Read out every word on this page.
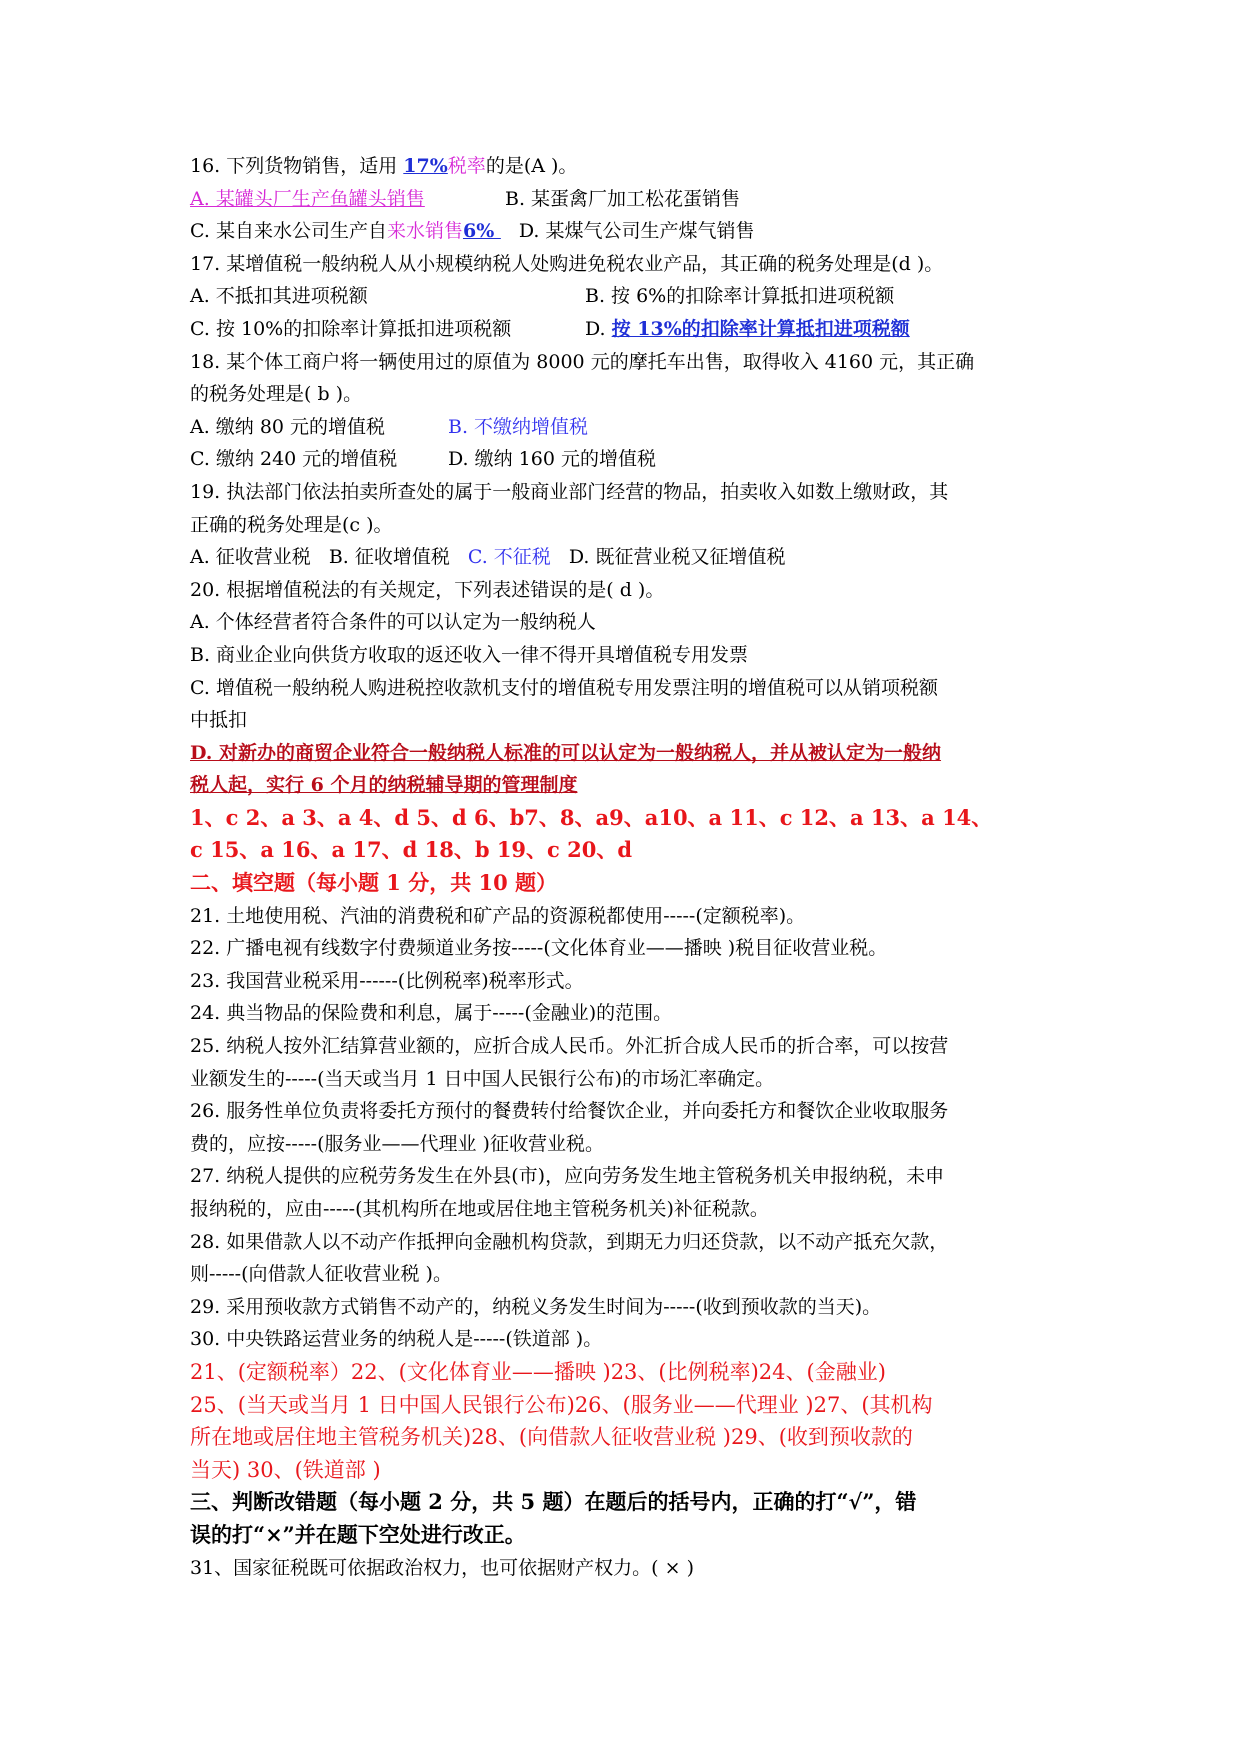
16. 下列货物销售，适用 17%税率的是(A )。
A. 某罐头厂生产鱼罐头销售	B. 某蛋禽厂加工松花蛋销售
C. 某自来水公司生产自来水销售6% D. 某煤气公司生产煤气销售
17. 某增值税一般纳税人从小规模纳税人处购进免税农业产品，其正确的税务处理是(d )。
A. 不抵扣其进项税额	B. 按 6%的扣除率计算抵扣进项税额
C. 按 10%的扣除率计算抵扣进项税额	D. 按 13%的扣除率计算抵扣进项税额
18. 某个体工商户将一辆使用过的原值为 8000 元的摩托车出售，取得收入 4160 元，其正确
的税务处理是( b )。
A. 缴纳 80 元的增值税	B. 不缴纳增值税
C. 缴纳 240 元的增值税	D. 缴纳 160 元的增值税
19. 执法部门依法拍卖所查处的属于一般商业部门经营的物品，拍卖收入如数上缴财政，其
正确的税务处理是(c )。
A. 征收营业税 B. 征收增值税 C. 不征税 D. 既征营业税又征增值税
20. 根据增值税法的有关规定，下列表述错误的是( d )。
A. 个体经营者符合条件的可以认定为一般纳税人
B. 商业企业向供货方收取的返还收入一律不得开具增值税专用发票
C. 增值税一般纳税人购进税控收款机支付的增值税专用发票注明的增值税可以从销项税额
中抵扣
D. 对新办的商贸企业符合一般纳税人标准的可以认定为一般纳税人，并从被认定为一般纳
税人起，实行 6 个月的纳税辅导期的管理制度
1、c 2、a 3、a 4、d 5、d 6、b7、8、a9、a10、a 11、c 12、a 13、a 14、
c 15、a 16、a 17、d 18、b 19、c 20、d
二、填空题（每小题 1 分，共 10 题）
21. 土地使用税、汽油的消费税和矿产品的资源税都使用-----(定额税率)。
22. 广播电视有线数字付费频道业务按-----(文化体育业——播映 )税目征收营业税。
23. 我国营业税采用------(比例税率)税率形式。
24. 典当物品的保险费和利息，属于-----(金融业)的范围。
25. 纳税人按外汇结算营业额的，应折合成人民币。外汇折合成人民币的折合率，可以按营
业额发生的-----(当天或当月 1 日中国人民银行公布)的市场汇率确定。
26. 服务性单位负责将委托方预付的餐费转付给餐饮企业，并向委托方和餐饮企业收取服务
费的，应按-----(服务业——代理业 )征收营业税。
27. 纳税人提供的应税劳务发生在外县(市)，应向劳务发生地主管税务机关申报纳税，未申
报纳税的，应由-----(其机构所在地或居住地主管税务机关)补征税款。
28. 如果借款人以不动产作抵押向金融机构贷款，到期无力归还贷款，以不动产抵充欠款，
则-----(向借款人征收营业税 )。
29. 采用预收款方式销售不动产的，纳税义务发生时间为-----(收到预收款的当天)。
30. 中央铁路运营业务的纳税人是-----(铁道部 )。
21、(定额税率）22、(文化体育业——播映 )23、(比例税率)24、(金融业)
25、(当天或当月 1 日中国人民银行公布)26、(服务业——代理业 )27、(其机构
所在地或居住地主管税务机关)28、(向借款人征收营业税 )29、(收到预收款的
当天) 30、(铁道部 )
三、判断改错题（每小题 2 分，共 5 题）在题后的括号内，正确的打“√”，错
误的打“×”并在题下空处进行改正。
31、国家征税既可依据政治权力，也可依据财产权力。( × )
